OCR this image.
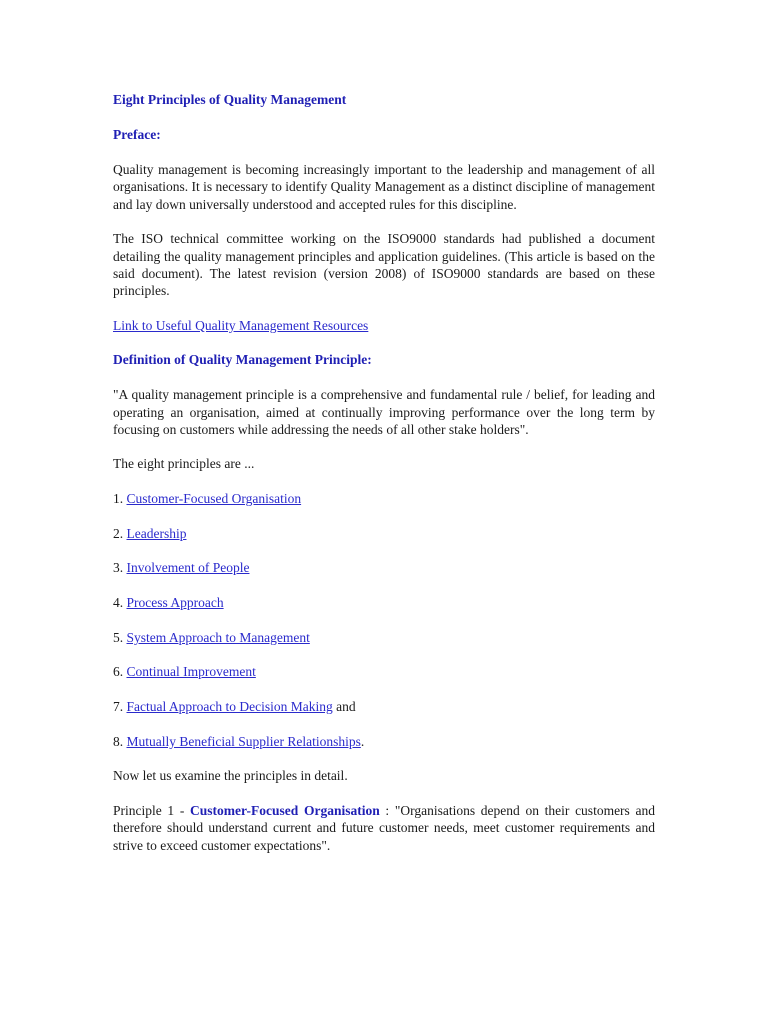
Eight Principles of Quality Management
Preface:

Quality management is becoming increasingly important to the leadership and management of all organisations. It is necessary to identify Quality Management as a distinct discipline of management and lay down universally understood and accepted rules for this discipline.

The ISO technical committee working on the ISO9000 standards had published a document detailing the quality management principles and application guidelines. (This article is based on the said document). The latest revision (version 2008) of ISO9000 standards are based on these principles.

Link to Useful Quality Management Resources

Definition of Quality Management Principle:

"A quality management principle is a comprehensive and fundamental rule / belief, for leading and operating an organisation, aimed at continually improving performance over the long term by focusing on customers while addressing the needs of all other stake holders".

The eight principles are ...

1. Customer-Focused Organisation
2. Leadership
3. Involvement of People
4. Process Approach
5. System Approach to Management
6. Continual Improvement
7. Factual Approach to Decision Making and
8. Mutually Beneficial Supplier Relationships.

Now let us examine the principles in detail.

Principle 1 - Customer-Focused Organisation : "Organisations depend on their customers and therefore should understand current and future customer needs, meet customer requirements and strive to exceed customer expectations".
